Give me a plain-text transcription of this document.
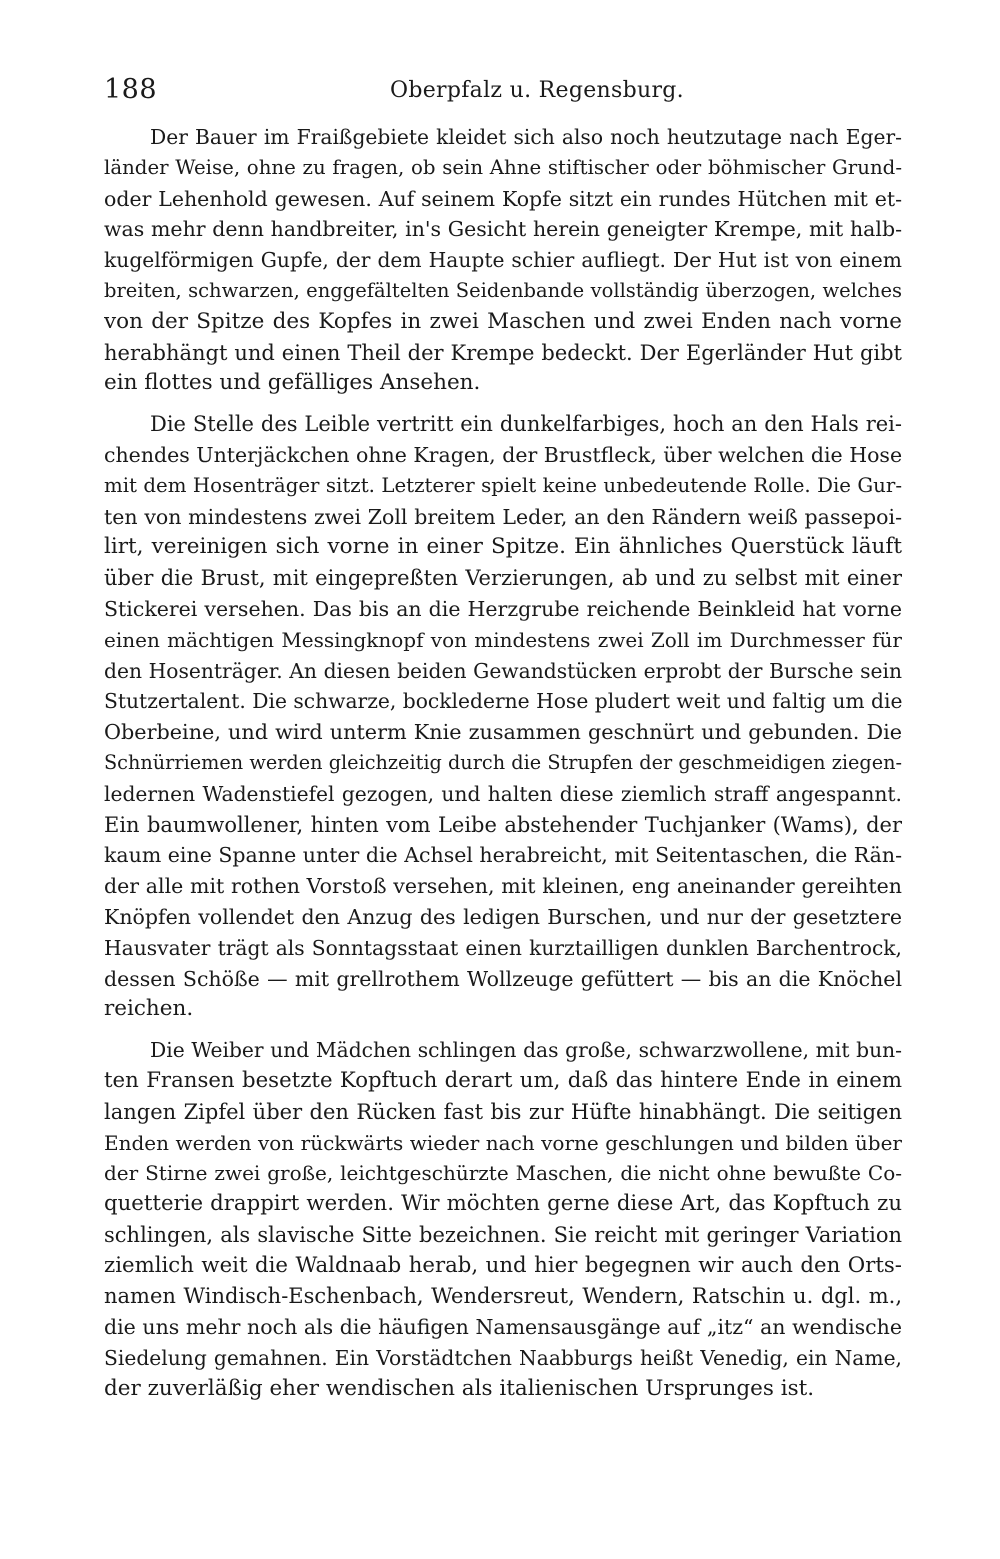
188	Oberpfalz u. Regensburg.

Der Bauer im Fraißgebiete kleidet sich also noch heutzutage nach Eger-
länder Weise, ohne zu fragen, ob sein Ahne stiftischer oder böhmischer Grund-
oder Lehenhold gewesen. Auf seinem Kopfe sitzt ein rundes Hütchen mit et-
was mehr denn handbreiter, in's Gesicht herein geneigter Krempe, mit halb-
kugelförmigen Gupfe, der dem Haupte schier aufliegt. Der Hut ist von einem
breiten, schwarzen, enggefältelten Seidenbande vollständig überzogen, welches
von der Spitze des Kopfes in zwei Maschen und zwei Enden nach vorne
herabhängt und einen Theil der Krempe bedeckt. Der Egerländer Hut gibt
ein flottes und gefälliges Ansehen.

Die Stelle des Leible vertritt ein dunkelfarbiges, hoch an den Hals rei-
chendes Unterjäckchen ohne Kragen, der Brustfleck, über welchen die Hose
mit dem Hosenträger sitzt. Letzterer spielt keine unbedeutende Rolle. Die Gur-
ten von mindestens zwei Zoll breitem Leder, an den Rändern weiß passepoi-
lirt, vereinigen sich vorne in einer Spitze. Ein ähnliches Querstück läuft
über die Brust, mit eingepreßten Verzierungen, ab und zu selbst mit einer
Stickerei versehen. Das bis an die Herzgrube reichende Beinkleid hat vorne
einen mächtigen Messingknopf von mindestens zwei Zoll im Durchmesser für
den Hosenträger. An diesen beiden Gewandstücken erprobt der Bursche sein
Stutzertalent. Die schwarze, bocklederne Hose pludert weit und faltig um die
Oberbeine, und wird unterm Knie zusammen geschnürt und gebunden. Die
Schnürriemen werden gleichzeitig durch die Strupfen der geschmeidigen ziegen-
ledernen Wadenstiefel gezogen, und halten diese ziemlich straff angespannt.
Ein baumwollener, hinten vom Leibe abstehender Tuchjanker (Wams), der
kaum eine Spanne unter die Achsel herabreicht, mit Seitentaschen, die Rän-
der alle mit rothen Vorstoß versehen, mit kleinen, eng aneinander gereihten
Knöpfen vollendet den Anzug des ledigen Burschen, und nur der gesetztere
Hausvater trägt als Sonntagsstaat einen kurztailligen dunklen Barchentrock,
dessen Schöße — mit grellrothem Wollzeuge gefüttert — bis an die Knöchel
reichen.

Die Weiber und Mädchen schlingen das große, schwarzwollene, mit bun-
ten Fransen besetzte Kopftuch derart um, daß das hintere Ende in einem
langen Zipfel über den Rücken fast bis zur Hüfte hinabhängt. Die seitigen
Enden werden von rückwärts wieder nach vorne geschlungen und bilden über
der Stirne zwei große, leichtgeschürzte Maschen, die nicht ohne bewußte Co-
quetterie drappirt werden. Wir möchten gerne diese Art, das Kopftuch zu
schlingen, als slavische Sitte bezeichnen. Sie reicht mit geringer Variation
ziemlich weit die Waldnaab herab, und hier begegnen wir auch den Orts-
namen Windisch-Eschenbach, Wendersreut, Wendern, Ratschin u. dgl. m.,
die uns mehr noch als die häufigen Namensausgänge auf „itz“ an wendische
Siedelung gemahnen. Ein Vorstädtchen Naabburgs heißt Venedig, ein Name,
der zuverläßig eher wendischen als italienischen Ursprunges ist.
